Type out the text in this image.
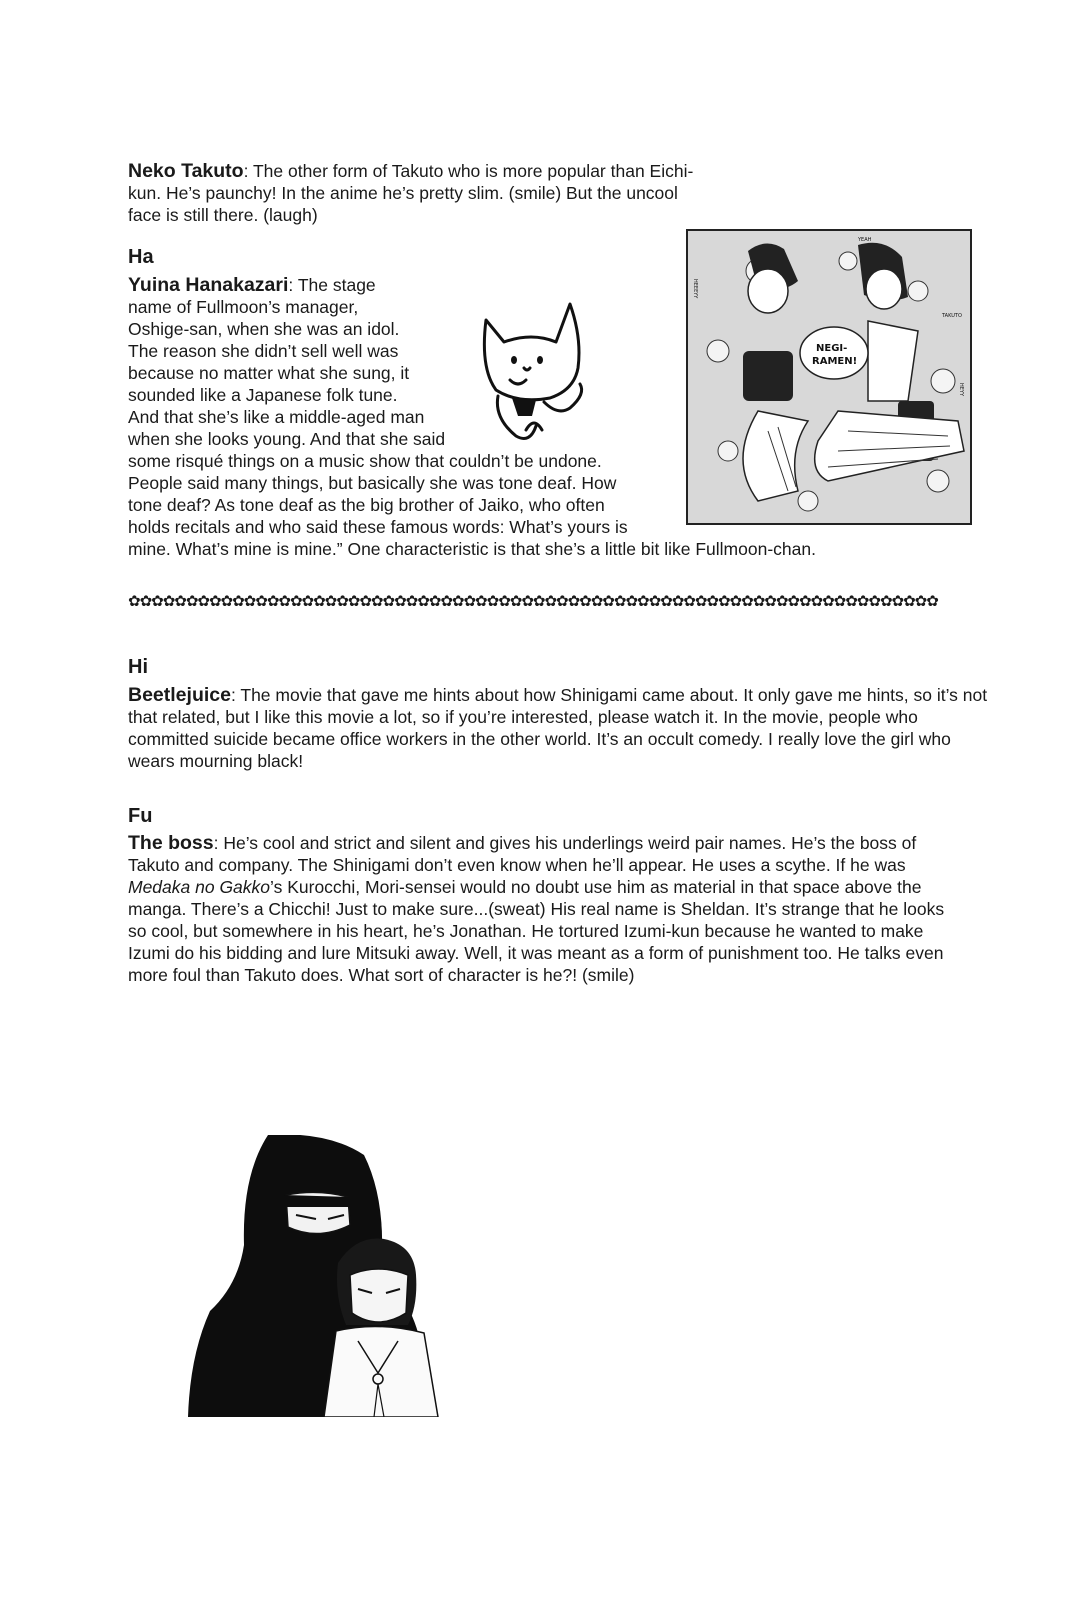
Neko Takuto: The other form of Takuto who is more popular than Eichi-kun. He’s paunchy! In the anime he’s pretty slim. (smile) But the uncool face is still there. (laugh)
Ha
Yuina Hanakazari: The stage
name of Fullmoon’s manager,
Oshige-san, when she was an idol.
The reason she didn’t sell well was
because no matter what she sung, it
sounded like a Japanese folk tune.
And that she’s like a middle-aged man
when she looks young. And that she said
some risqué things on a music show that couldn’t be undone.
People said many things, but basically she was tone deaf. How
tone deaf? As tone deaf as the big brother of Jaiko, who often
holds recitals and who said these famous words: What’s yours is
mine. What’s mine is mine.” One characteristic is that she’s a little bit like Fullmoon-chan.
NEGI-
RAMEN!
HEEEYY
YEAH
TAKUTO
HEYY
✿✿✿✿✿✿✿✿✿✿✿✿✿✿✿✿✿✿✿✿✿✿✿✿✿✿✿✿✿✿✿✿✿✿✿✿✿✿✿✿✿✿✿✿✿✿✿✿✿✿✿✿✿✿✿✿✿✿✿✿✿✿✿✿✿✿✿✿✿✿
Hi
Beetlejuice: The movie that gave me hints about how Shinigami came about. It only gave me hints, so it’s not that related, but I like this movie a lot, so if you’re interested, please watch it. In the movie, people who committed suicide became office workers in the other world. It’s an occult comedy. I really love the girl who wears mourning black!
Fu
The boss: He’s cool and strict and silent and gives his underlings weird pair names. He’s the boss of Takuto and company. The Shinigami don’t even know when he’ll appear. He uses a scythe. If he was Medaka no Gakko’s Kurocchi, Mori-sensei would no doubt use him as material in that space above the manga. There’s a Chicchi! Just to make sure...(sweat) His real name is Sheldan. It’s strange that he looks so cool, but somewhere in his heart, he’s Jonathan. He tortured Izumi-kun because he wanted to make Izumi do his bidding and lure Mitsuki away. Well, it was meant as a form of punishment too. He talks even more foul than Takuto does. What sort of character is he?! (smile)
